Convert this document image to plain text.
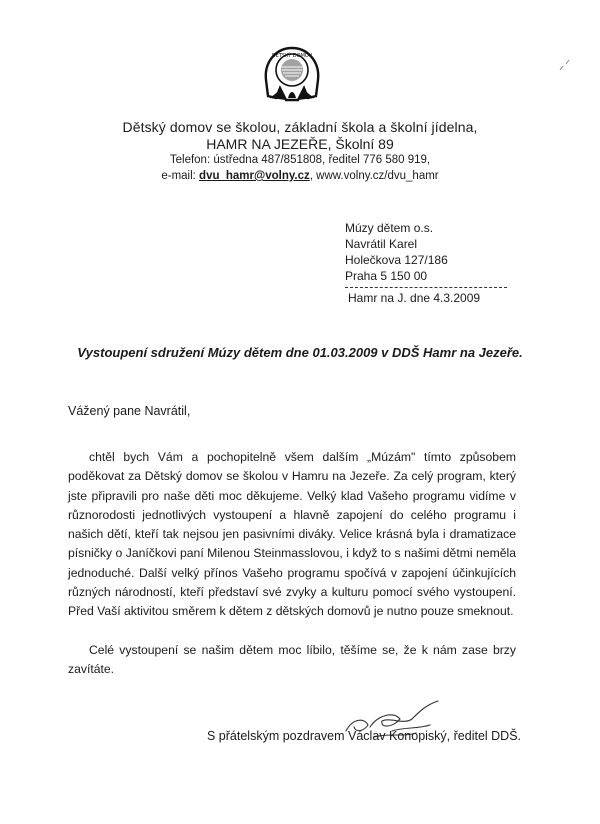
DĚTSKÝ DOMOV
Dětský domov se školou, základní škola a školní jídelna,
HAMR NA JEZEŘE, Školní 89
Telefon: ústředna 487/851808, ředitel 776 580 919,
e-mail: dvu_hamr@volny.cz, www.volny.cz/dvu_hamr
Múzy dětem o.s.
Navrátil Karel
Holečkova 127/186
Praha 5 150 00
Hamr na J. dne 4.3.2009
Vystoupení sdružení Múzy dětem dne 01.03.2009 v DDŠ Hamr na Jezeře.
Vážený pane Navrátil,
chtěl bych Vám a pochopitelně všem dalším „Múzám" tímto způsobem poděkovat za Dětský domov se školou v Hamru na Jezeře. Za celý program, který jste připravili pro naše děti moc děkujeme. Velký klad Vašeho programu vidíme v různorodosti jednotlivých vystoupení a hlavně zapojení do celého programu i našich dětí, kteří tak nejsou jen pasivními diváky. Velice krásná byla i dramatizace písničky o Janíčkovi paní Milenou Steinmasslovou, i když to s našimi dětmi neměla jednoduché. Další velký přínos Vašeho programu spočívá v zapojení účinkujících různých národností, kteří představí své zvyky a kulturu pomocí svého vystoupení. Před Vaší aktivitou směrem k dětem z dětských domovů je nutno pouze smeknout.
Celé vystoupení se našim dětem moc líbilo, těšíme se, že k nám zase brzy zavítáte.
S přátelským pozdravem Václav Konopiský, ředitel DDŠ.
